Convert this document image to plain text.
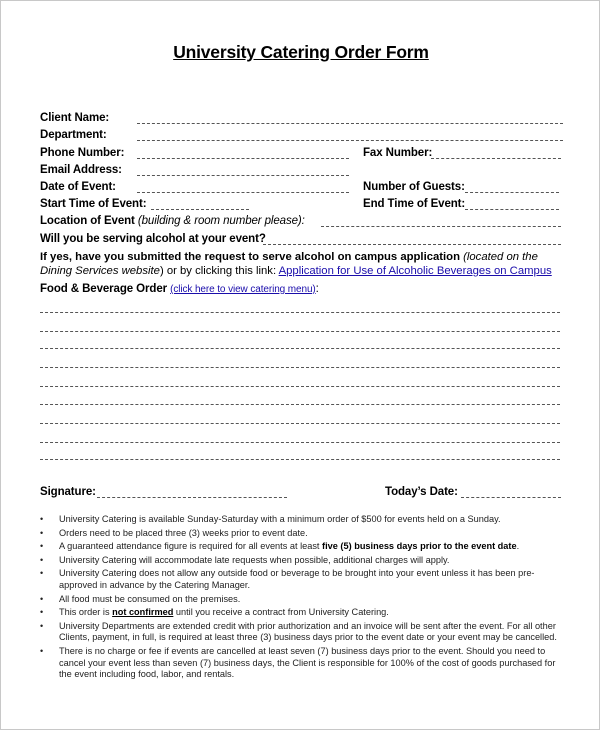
University Catering Order Form
Client Name:
Department:
Phone Number:	Fax Number:
Email Address:
Date of Event:	Number of Guests:
Start Time of Event:	End Time of Event:
Location of Event (building & room number please):
Will you be serving alcohol at your event?
If yes, have you submitted the request to serve alcohol on campus application (located on the Dining Services website) or by clicking this link: Application for Use of Alcoholic Beverages on Campus
Food & Beverage Order (click here to view catering menu):
Signature:	Today’s Date:
• University Catering is available Sunday-Saturday with a minimum order of $500 for events held on a Sunday.
• Orders need to be placed three (3) weeks prior to event date.
• A guaranteed attendance figure is required for all events at least five (5) business days prior to the event date.
• University Catering will accommodate late requests when possible, additional charges will apply.
• University Catering does not allow any outside food or beverage to be brought into your event unless it has been pre-approved in advance by the Catering Manager.
• All food must be consumed on the premises.
• This order is not confirmed until you receive a contract from University Catering.
• University Departments are extended credit with prior authorization and an invoice will be sent after the event. For all other Clients, payment, in full, is required at least three (3) business days prior to the event date or your event may be cancelled.
• There is no charge or fee if events are cancelled at least seven (7) business days prior to the event. Should you need to cancel your event less than seven (7) business days, the Client is responsible for 100% of the cost of goods purchased for the event including food, labor, and rentals.
